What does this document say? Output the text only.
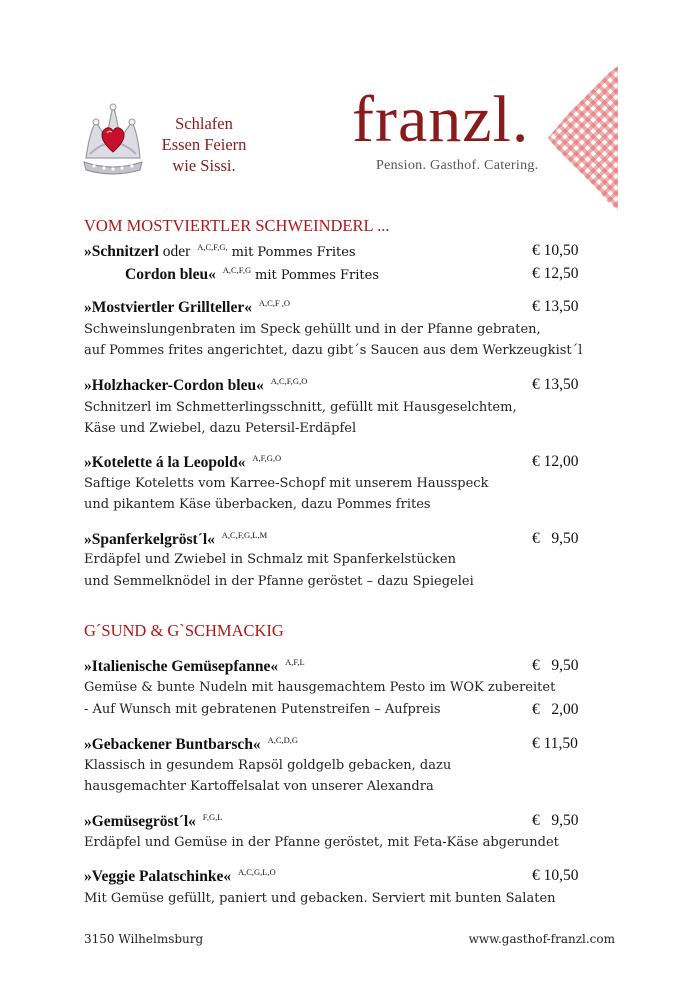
Schlafen
Essen Feiern
wie Sissi.
franzl.
Pension. Gasthof. Catering.
VOM MOSTVIERTLER SCHWEINDERL ...
»Schnitzerl oder $^{A,C,F,G,}$ mit Pommes Frites	€ 10,50
Cordon bleu« $^{A,C,F,G}$ mit Pommes Frites	€ 12,50
»Mostviertler Grillteller« $^{A,C,F ,O}$	€ 13,50
Schweinslungenbraten im Speck gehüllt und in der Pfanne gebraten,
auf Pommes frites angerichtet, dazu gibt´s Saucen aus dem Werkzeugkist´l
»Holzhacker-Cordon bleu« $^{A,C,F,G,O}$	€ 13,50
Schnitzerl im Schmetterlingsschnitt, gefüllt mit Hausgeselchtem,
Käse und Zwiebel, dazu Petersil-Erdäpfel
»Kotelette á la Leopold« $^{A,F,G,O}$	€ 12,00
Saftige Koteletts vom Karree-Schopf mit unserem Hausspeck
und pikantem Käse überbacken, dazu Pommes frites
»Spanferkelgröst´l« $^{A,C,F,G,L,M}$	€   9,50
Erdäpfel und Zwiebel in Schmalz mit Spanferkelstücken
und Semmelknödel in der Pfanne geröstet – dazu Spiegelei
G´SUND & G`SCHMACKIG
»Italienische Gemüsepfanne« $^{A,F,L}$	€   9,50
Gemüse & bunte Nudeln mit hausgemachtem Pesto im WOK zubereitet
- Auf Wunsch mit gebratenen Putenstreifen – Aufpreis	€   2,00
»Gebackener Buntbarsch« $^{A,C,D,G}$	€ 11,50
Klassisch in gesundem Rapsöl goldgelb gebacken, dazu
hausgemachter Kartoffelsalat von unserer Alexandra
»Gemüsegröst´l« $^{F,G,L}$	€   9,50
Erdäpfel und Gemüse in der Pfanne geröstet, mit Feta-Käse abgerundet
»Veggie Palatschinke« $^{A,C,G,L,O}$	€ 10,50
Mit Gemüse gefüllt, paniert und gebacken. Serviert mit bunten Salaten
3150 Wilhelmsburg	www.gasthof-franzl.com
